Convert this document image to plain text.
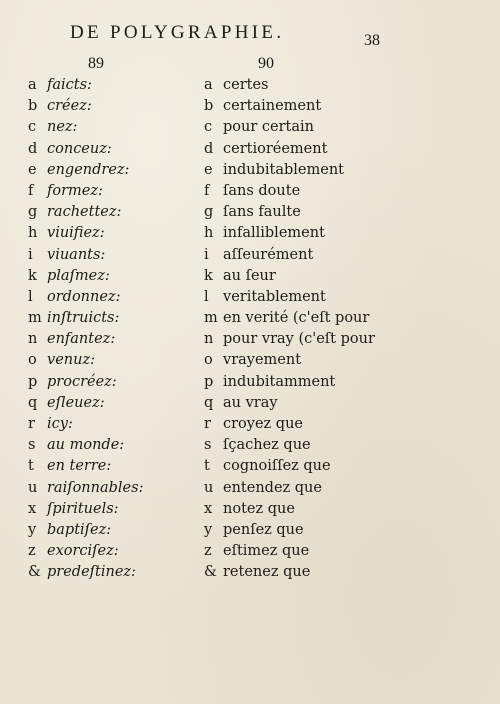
DE POLYGRAPHIE.	38
89	90
a faicts:	a certes
b créez:	b certainement
c nez:	c pour certain
d conceuz:	d certioréement
e engendrez:	e indubitablement
f formez:	f ſans doute
g rachettez:	g ſans faulte
h viuifiez:	h infalliblement
i viuants:	i aſſeurément
k plaſmez:	k au ſeur
l ordonnez:	l veritablement
m inſtruicts:	m en verité (c'eſt pour
n enfantez:	n pour vray (c'eſt pour
o venuz:	o vrayement
p procréez:	p indubitamment
q eſleuez:	q au vray
r icy:	r croyez que
s au monde:	s ſçachez que
t en terre:	t cognoiſſez que
u raiſonnables:	u entendez que
x ſpirituels:	x notez que
y baptiſez:	y penſez que
z exorciſez:	z eſtimez que
& predeſtinez:	& retenez que
